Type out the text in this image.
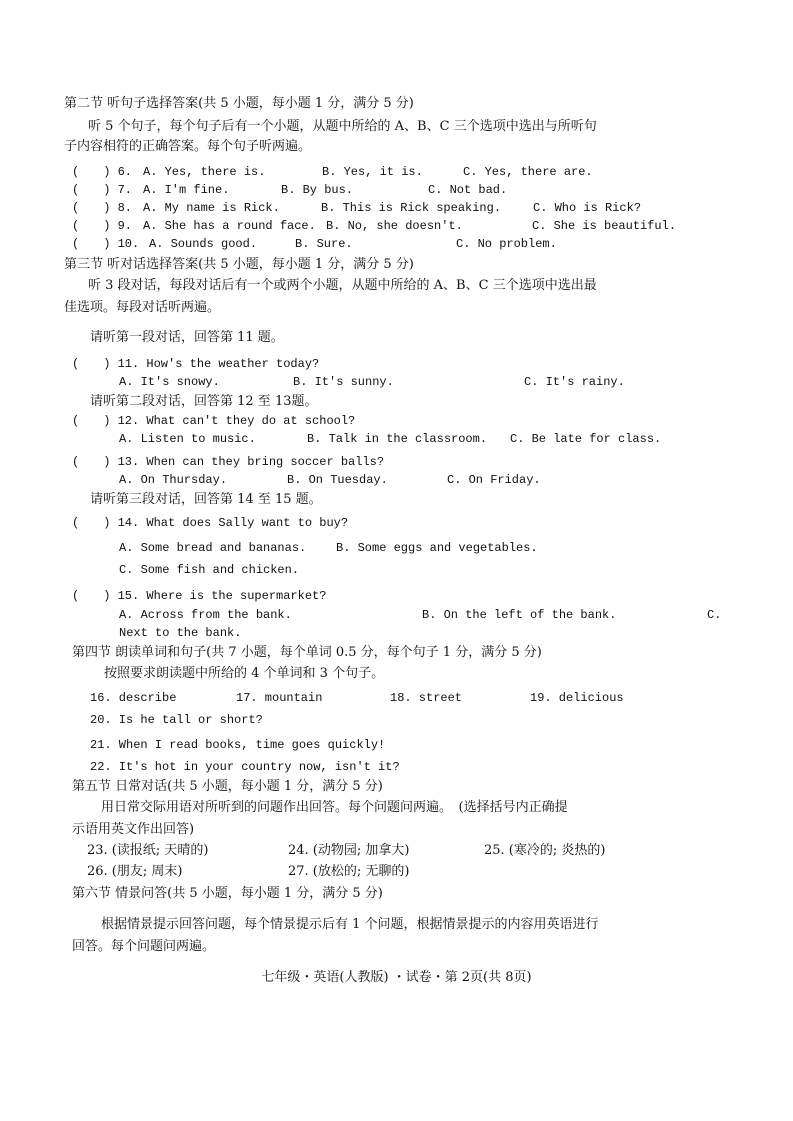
第二节 听句子选择答案(共 5 小题，每小题 1 分，满分 5 分)
听 5 个句子，每个句子后有一个小题，从题中所给的 A、B、C 三个选项中选出与所听句
子内容相符的正确答案。每个句子听两遍。
(　　) 6. A. Yes, there is.	B. Yes, it is.	C. Yes, there are.
(　　) 7. A. I'm fine.	B. By bus.	C. Not bad.
(　　) 8. A. My name is Rick.	B. This is Rick speaking.	C. Who is Rick?
(　　) 9. A. She has a round face. B. No, she doesn't.	C. She is beautiful.
(　　) 10. A. Sounds good.	B. Sure.	C. No problem.
第三节 听对话选择答案(共 5 小题，每小题 1 分，满分 5 分)
听 3 段对话，每段对话后有一个或两个小题，从题中所给的 A、B、C 三个选项中选出最
佳选项。每段对话听两遍。
请听第一段对话，回答第 11 题。
(　　) 11. How's the weather today?
A. It's snowy.	B. It's sunny.	C. It's rainy.
请听第二段对话，回答第 12 至 13题。
(　　) 12. What can't they do at school?
A. Listen to music.	B. Talk in the classroom. C. Be late for class.
(　　) 13. When can they bring soccer balls?
A. On Thursday.	B. On Tuesday.	C. On Friday.
请听第三段对话，回答第 14 至 15 题。
(　　) 14. What does Sally want to buy?
A. Some bread and bananas. B. Some eggs and vegetables.
C. Some fish and chicken.
(　　) 15. Where is the supermarket?
A. Across from the bank.	B. On the left of the bank.	C.
Next to the bank.
第四节 朗读单词和句子(共 7 小题，每个单词 0.5 分，每个句子 1 分，满分 5 分)
按照要求朗读题中所给的 4 个单词和 3 个句子。
16. describe	17. mountain	18. street	19. delicious
20. Is he tall or short?
21. When I read books, time goes quickly!
22. It's hot in your country now, isn't it?
第五节 日常对话(共 5 小题，每小题 1 分，满分 5 分)
用日常交际用语对所听到的问题作出回答。每个问题问两遍。　(选择括号内正确提
示语用英文作出回答)
23. (读报纸; 天晴的)	24. (动物园; 加拿大)	25. (寒冷的; 炎热的)
26. (朋友; 周末)	27. (放松的; 无聊的)
第六节 情景问答(共 5 小题，每小题 1 分，满分 5 分)
根据情景提示回答问题，每个情景提示后有 1 个问题，根据情景提示的内容用英语进行
回答。每个问题问两遍。
七年级・英语(人教版) ・试卷・第 2页(共 8页)
